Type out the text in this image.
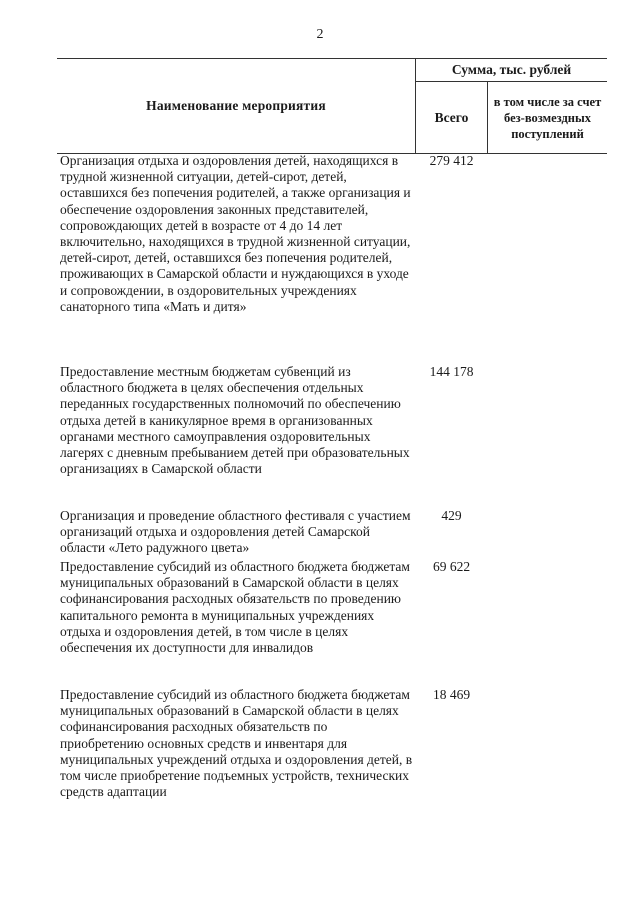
2
Наименование мероприятия
Сумма, тыс. рублей
Всего
в том числе за счет без-возмездных поступлений
Организация отдыха и оздоровления детей, находящихся в трудной жизненной ситуации, детей-сирот, детей, оставшихся без попечения родителей, а также организация и обеспечение оздоровления законных представителей, сопровождающих детей в возрасте от 4 до 14 лет включительно, находящихся в трудной жизненной ситуации, детей-сирот, детей, оставшихся без попечения родителей, проживающих в Самарской области и нуждающихся в уходе и сопровождении, в оздоровительных учреждениях санаторного типа «Мать и дитя»
279 412
Предоставление местным бюджетам субвенций из областного бюджета в целях обеспечения отдельных переданных государственных полномочий по обеспечению отдыха детей в каникулярное время в организованных органами местного самоуправления оздоровительных лагерях с дневным пребыванием детей при образовательных организациях в Самарской области
144 178
Организация и проведение областного фестиваля с участием организаций отдыха и оздоровления детей Самарской области «Лето радужного цвета»
429
Предоставление субсидий из областного бюджета бюджетам муниципальных образований в Самарской области в целях софинансирования расходных обязательств по проведению капитального ремонта в муниципальных учреждениях отдыха и оздоровления детей, в том числе в целях обеспечения их доступности для инвалидов
69 622
Предоставление субсидий из областного бюджета бюджетам муниципальных образований в Самарской области в целях софинансирования расходных обязательств по приобретению основных средств и инвентаря для муниципальных учреждений отдыха и оздоровления детей, в том числе приобретение подъемных устройств, технических средств адаптации
18 469
